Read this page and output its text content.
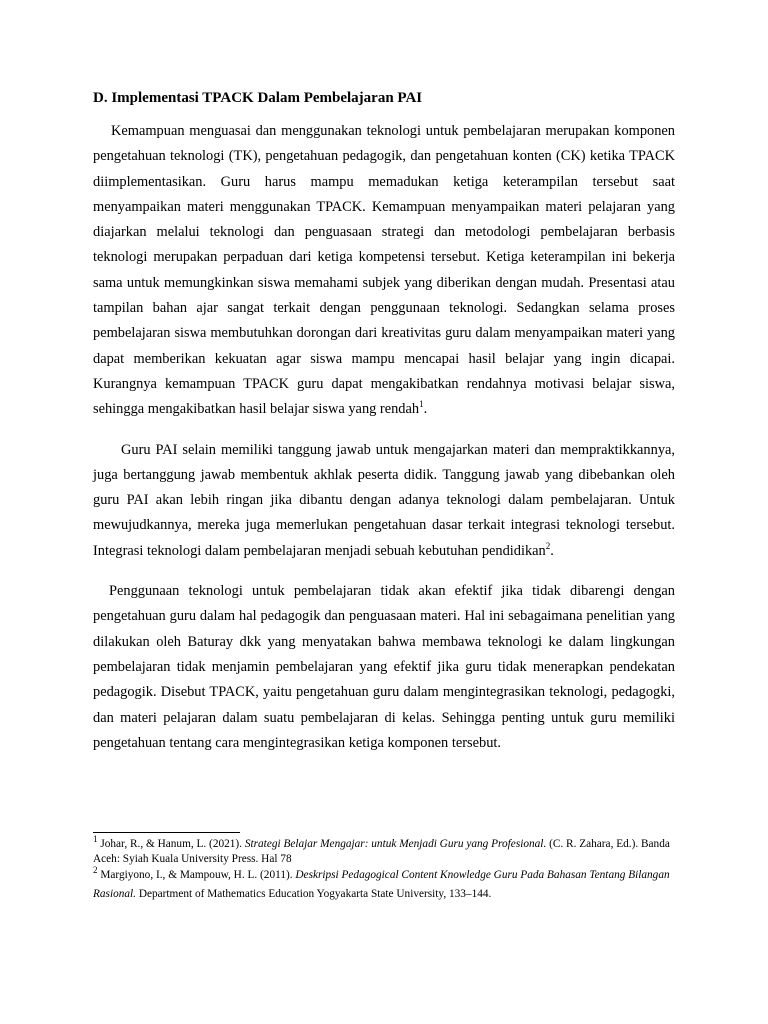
D. Implementasi TPACK Dalam Pembelajaran PAI

Kemampuan menguasai dan menggunakan teknologi untuk pembelajaran merupakan komponen pengetahuan teknologi (TK), pengetahuan pedagogik, dan pengetahuan konten (CK) ketika TPACK diimplementasikan. Guru harus mampu memadukan ketiga keterampilan tersebut saat menyampaikan materi menggunakan TPACK. Kemampuan menyampaikan materi pelajaran yang diajarkan melalui teknologi dan penguasaan strategi dan metodologi pembelajaran berbasis teknologi merupakan perpaduan dari ketiga kompetensi tersebut. Ketiga keterampilan ini bekerja sama untuk memungkinkan siswa memahami subjek yang diberikan dengan mudah. Presentasi atau tampilan bahan ajar sangat terkait dengan penggunaan teknologi. Sedangkan selama proses pembelajaran siswa membutuhkan dorongan dari kreativitas guru dalam menyampaikan materi yang dapat memberikan kekuatan agar siswa mampu mencapai hasil belajar yang ingin dicapai. Kurangnya kemampuan TPACK guru dapat mengakibatkan rendahnya motivasi belajar siswa, sehingga mengakibatkan hasil belajar siswa yang rendah$^1$.

Guru PAI selain memiliki tanggung jawab untuk mengajarkan materi dan mempraktikkannya, juga bertanggung jawab membentuk akhlak peserta didik. Tanggung jawab yang dibebankan oleh guru PAI akan lebih ringan jika dibantu dengan adanya teknologi dalam pembelajaran. Untuk mewujudkannya, mereka juga memerlukan pengetahuan dasar terkait integrasi teknologi tersebut. Integrasi teknologi dalam pembelajaran menjadi sebuah kebutuhan pendidikan$^2$.

Penggunaan teknologi untuk pembelajaran tidak akan efektif jika tidak dibarengi dengan pengetahuan guru dalam hal pedagogik dan penguasaan materi. Hal ini sebagaimana penelitian yang dilakukan oleh Baturay dkk yang menyatakan bahwa membawa teknologi ke dalam lingkungan pembelajaran tidak menjamin pembelajaran yang efektif jika guru tidak menerapkan pendekatan pedagogik. Disebut TPACK, yaitu pengetahuan guru dalam mengintegrasikan teknologi, pedagogki, dan materi pelajaran dalam suatu pembelajaran di kelas. Sehingga penting untuk guru memiliki pengetahuan tentang cara mengintegrasikan ketiga komponen tersebut.

$^1$ Johar, R., & Hanum, L. (2021). Strategi Belajar Mengajar: untuk Menjadi Guru yang Profesional. (C. R. Zahara, Ed.). Banda Aceh: Syiah Kuala University Press. Hal 78

$^2$ Margiyono, I., & Mampouw, H. L. (2011). Deskripsi Pedagogical Content Knowledge Guru Pada Bahasan Tentang Bilangan Rasional. Department of Mathematics Education Yogyakarta State University, 133–144.
